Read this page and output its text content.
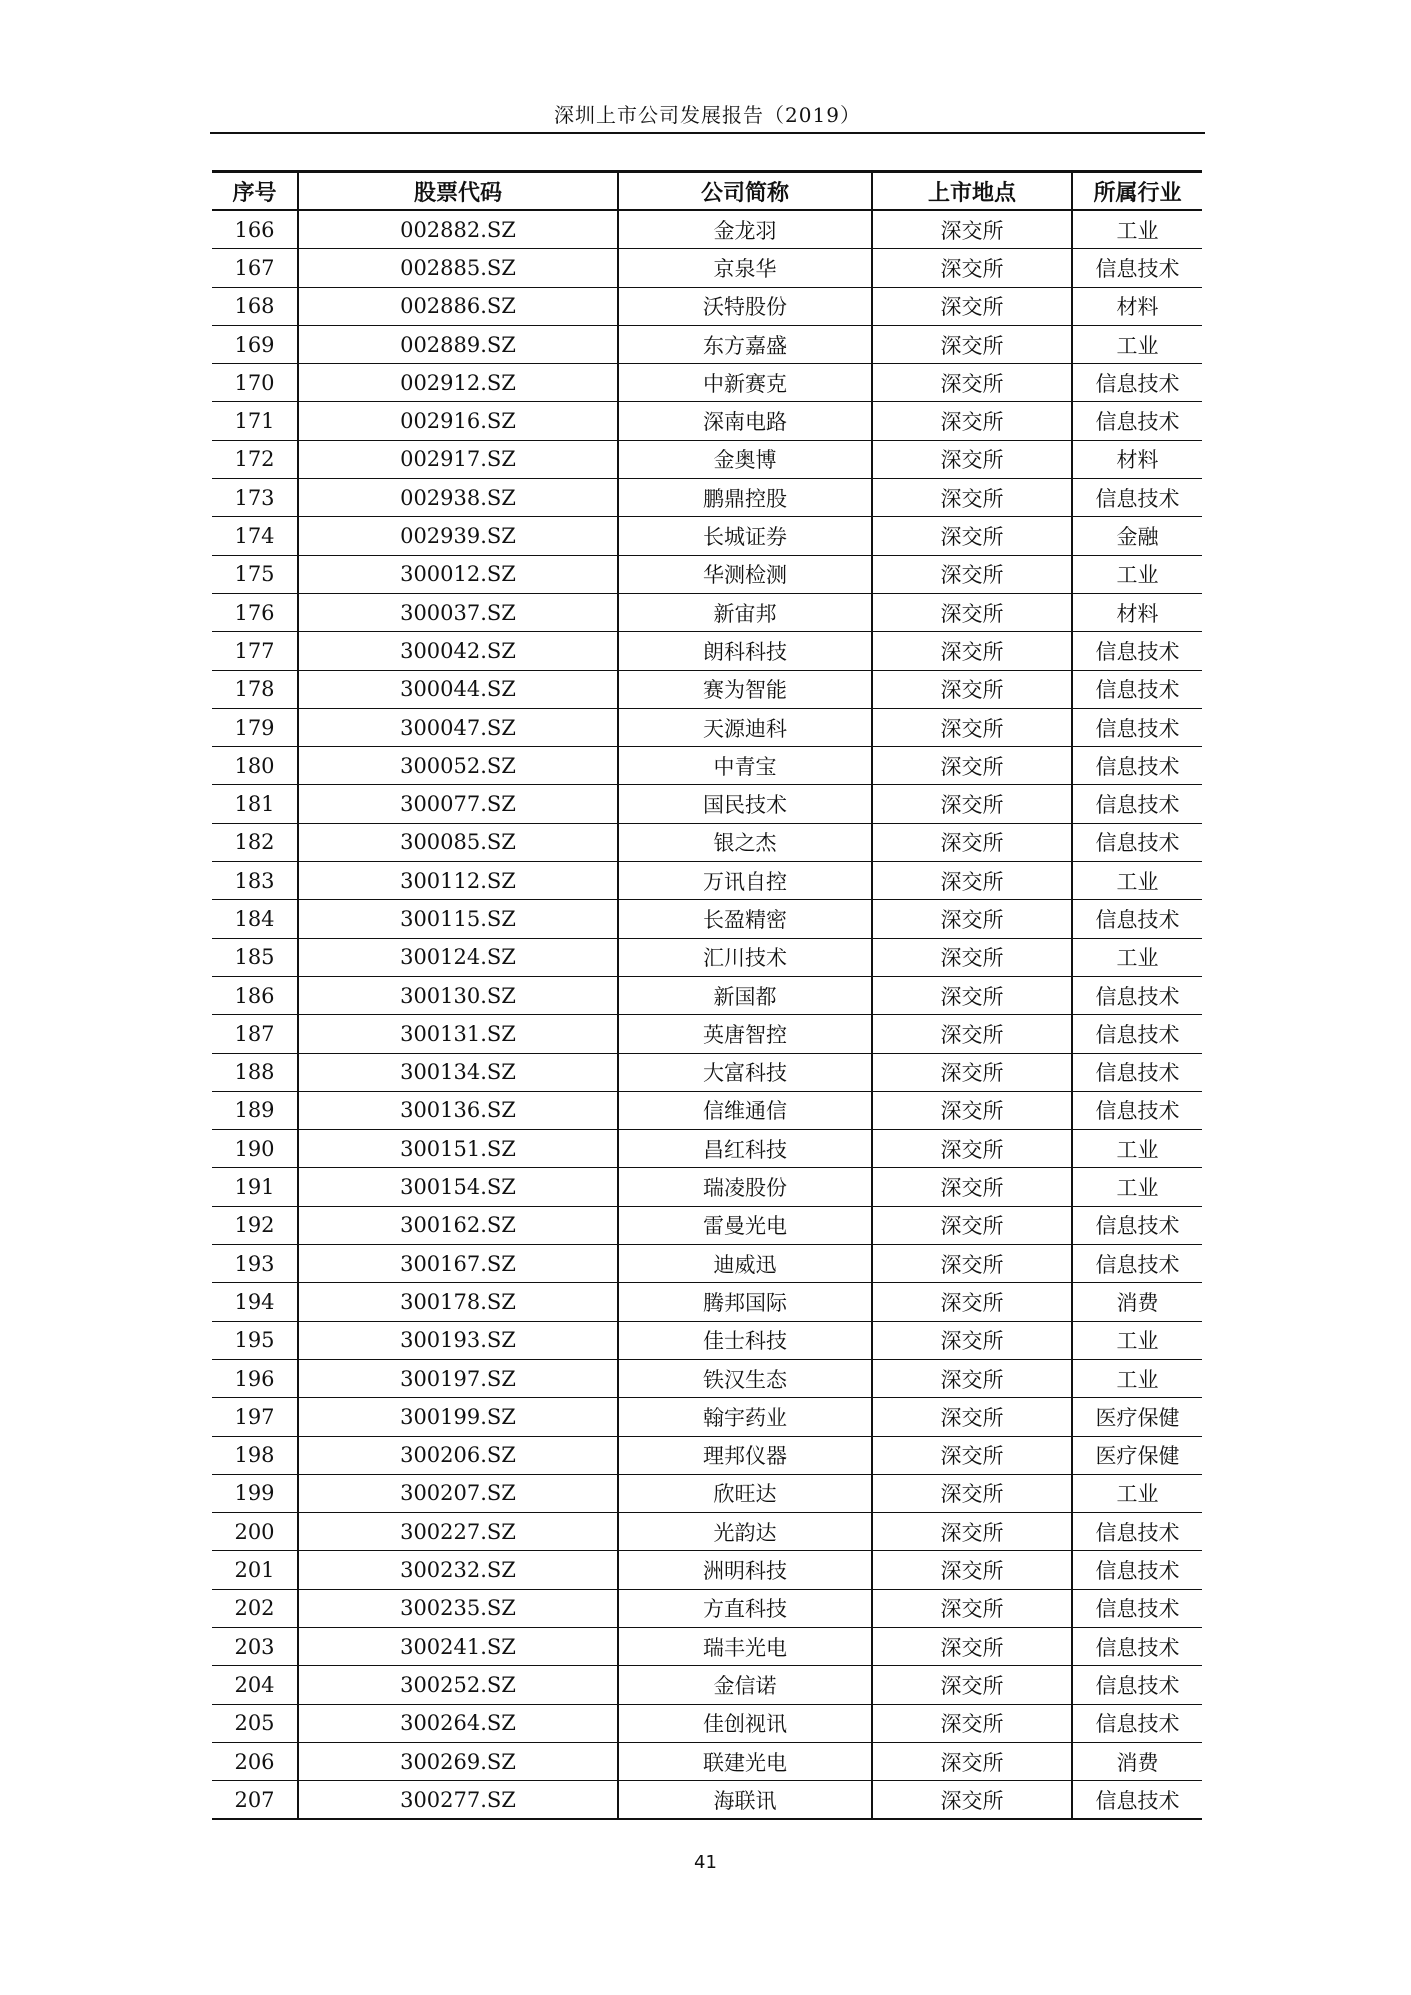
深圳上市公司发展报告（2019）
序号	股票代码	公司简称	上市地点	所属行业
166	002882.SZ	金龙羽	深交所	工业
167	002885.SZ	京泉华	深交所	信息技术
168	002886.SZ	沃特股份	深交所	材料
169	002889.SZ	东方嘉盛	深交所	工业
170	002912.SZ	中新赛克	深交所	信息技术
171	002916.SZ	深南电路	深交所	信息技术
172	002917.SZ	金奥博	深交所	材料
173	002938.SZ	鹏鼎控股	深交所	信息技术
174	002939.SZ	长城证券	深交所	金融
175	300012.SZ	华测检测	深交所	工业
176	300037.SZ	新宙邦	深交所	材料
177	300042.SZ	朗科科技	深交所	信息技术
178	300044.SZ	赛为智能	深交所	信息技术
179	300047.SZ	天源迪科	深交所	信息技术
180	300052.SZ	中青宝	深交所	信息技术
181	300077.SZ	国民技术	深交所	信息技术
182	300085.SZ	银之杰	深交所	信息技术
183	300112.SZ	万讯自控	深交所	工业
184	300115.SZ	长盈精密	深交所	信息技术
185	300124.SZ	汇川技术	深交所	工业
186	300130.SZ	新国都	深交所	信息技术
187	300131.SZ	英唐智控	深交所	信息技术
188	300134.SZ	大富科技	深交所	信息技术
189	300136.SZ	信维通信	深交所	信息技术
190	300151.SZ	昌红科技	深交所	工业
191	300154.SZ	瑞凌股份	深交所	工业
192	300162.SZ	雷曼光电	深交所	信息技术
193	300167.SZ	迪威迅	深交所	信息技术
194	300178.SZ	腾邦国际	深交所	消费
195	300193.SZ	佳士科技	深交所	工业
196	300197.SZ	铁汉生态	深交所	工业
197	300199.SZ	翰宇药业	深交所	医疗保健
198	300206.SZ	理邦仪器	深交所	医疗保健
199	300207.SZ	欣旺达	深交所	工业
200	300227.SZ	光韵达	深交所	信息技术
201	300232.SZ	洲明科技	深交所	信息技术
202	300235.SZ	方直科技	深交所	信息技术
203	300241.SZ	瑞丰光电	深交所	信息技术
204	300252.SZ	金信诺	深交所	信息技术
205	300264.SZ	佳创视讯	深交所	信息技术
206	300269.SZ	联建光电	深交所	消费
207	300277.SZ	海联讯	深交所	信息技术
41
